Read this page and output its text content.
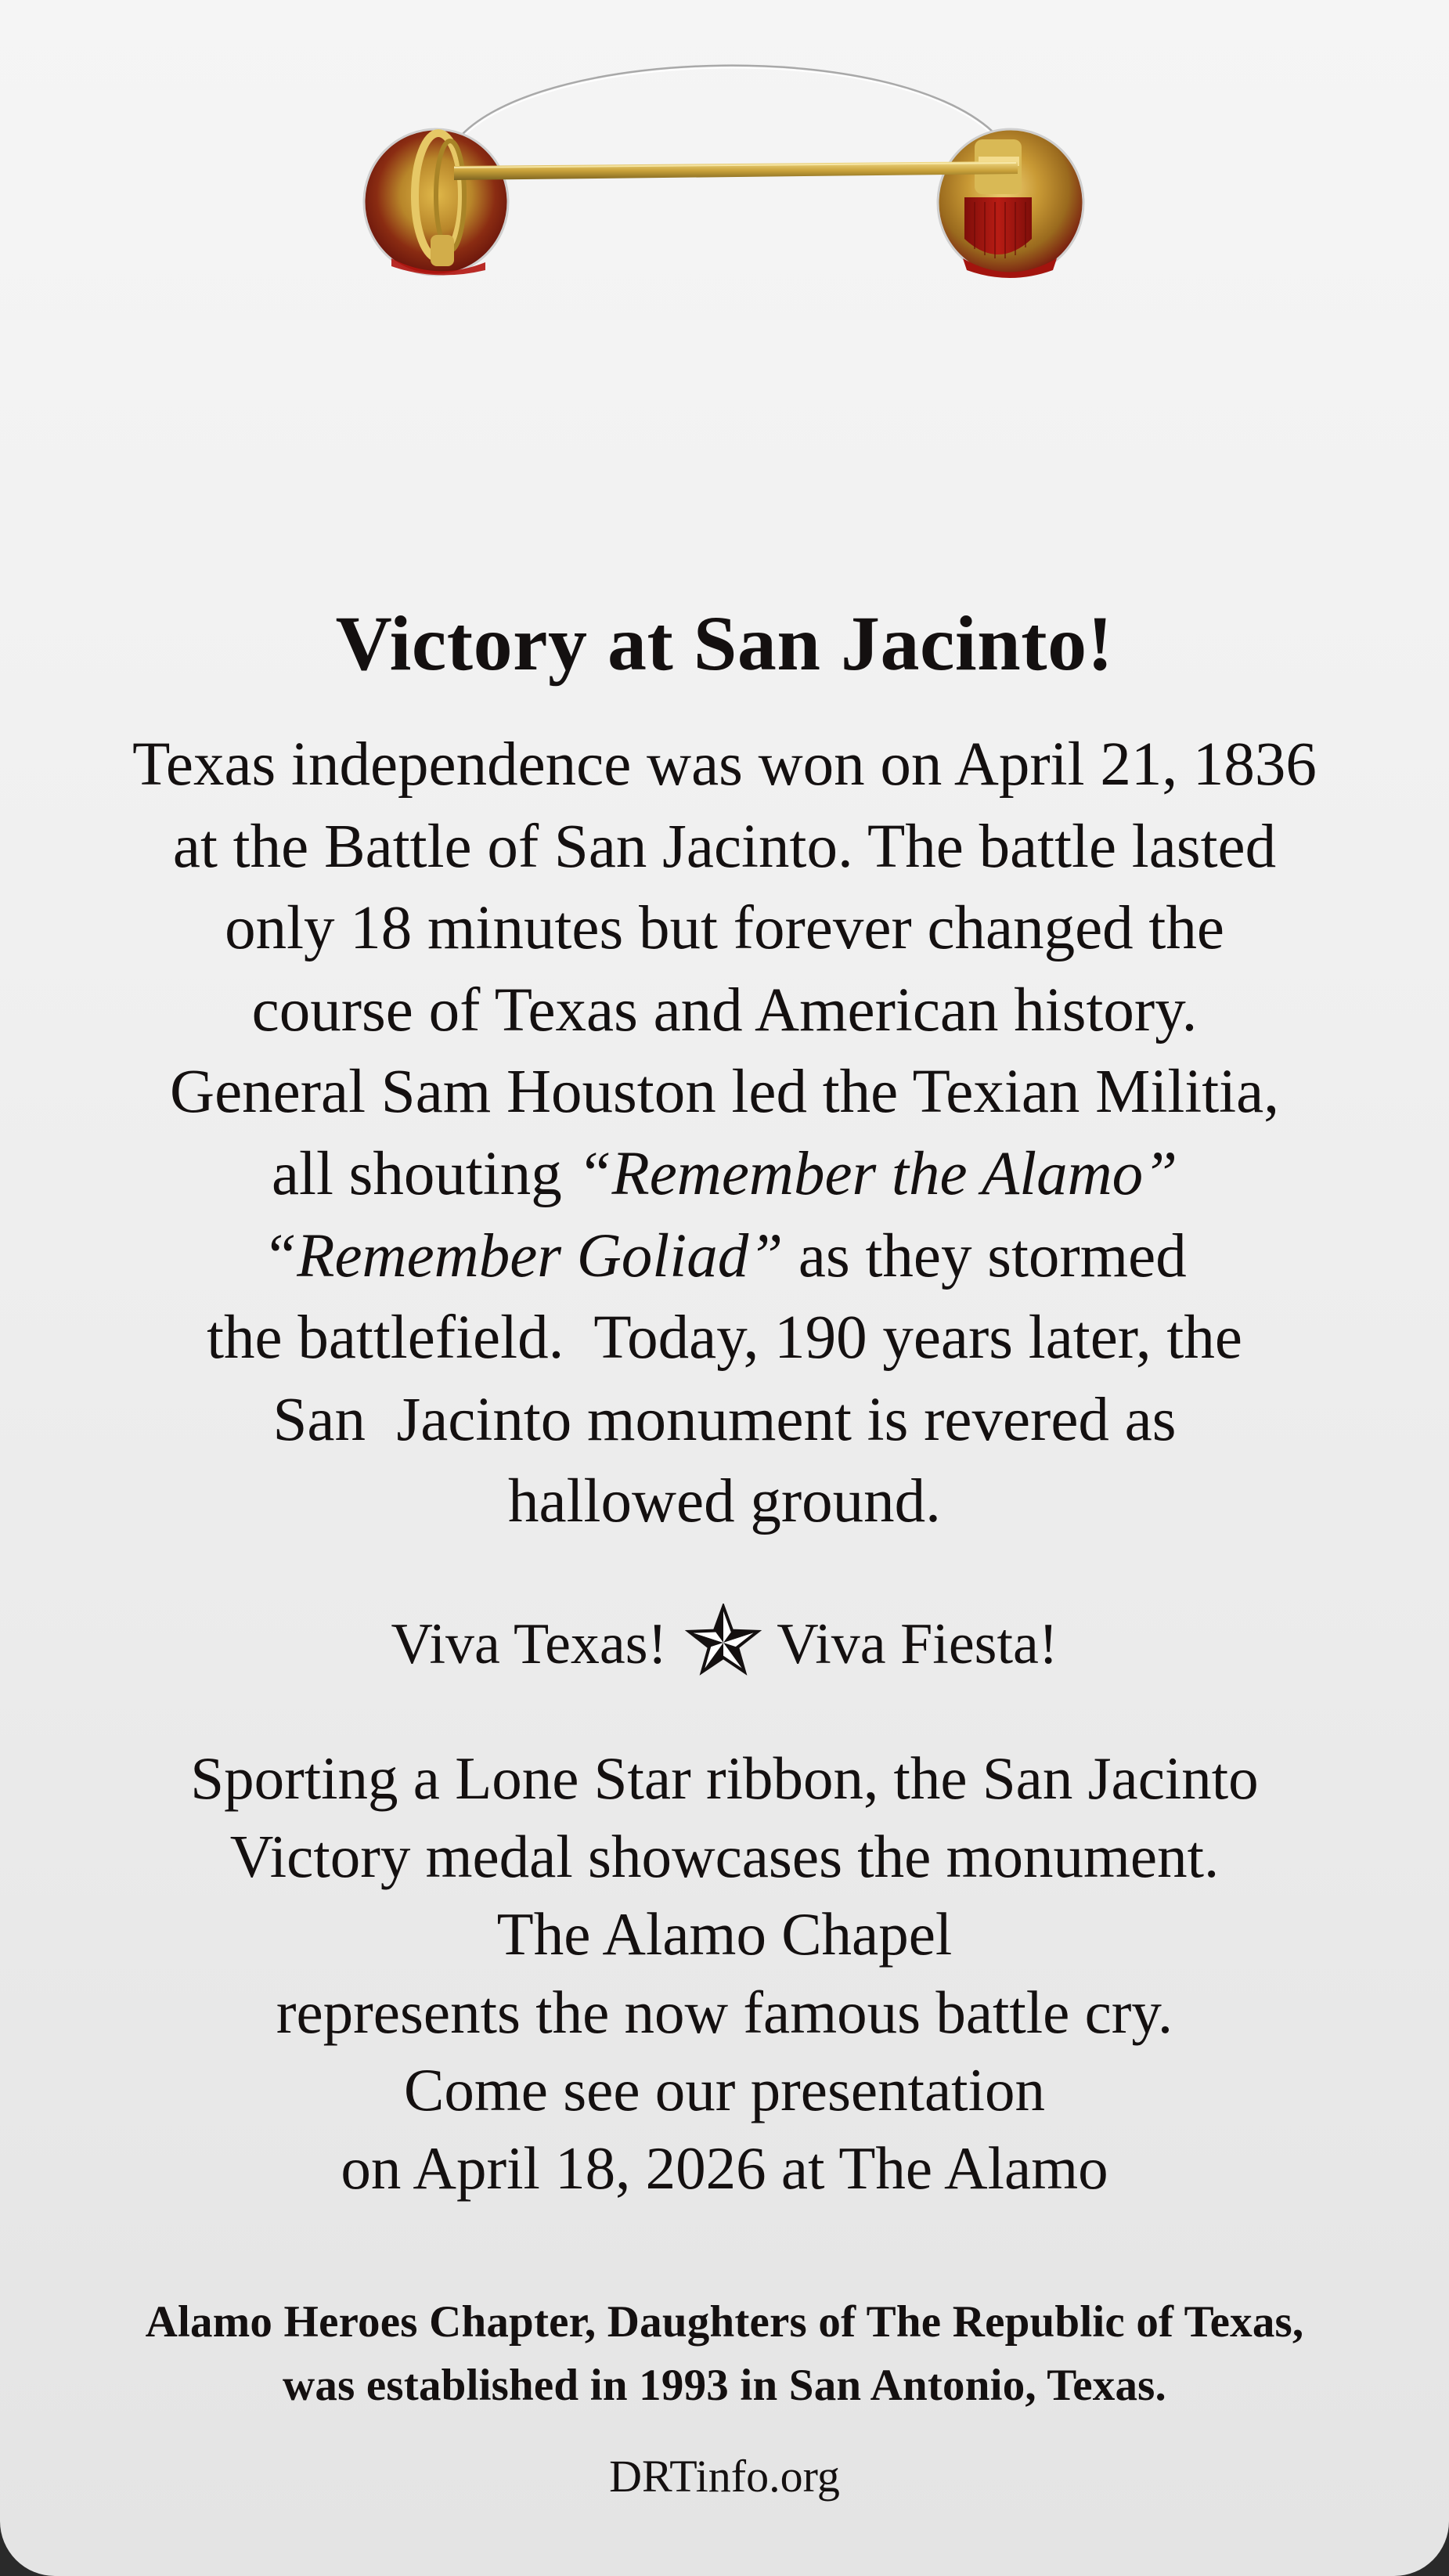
Victory at San Jacinto!
Texas independence was won on April 21, 1836
at the Battle of San Jacinto. The battle lasted
only 18 minutes but forever changed the
course of Texas and American history.
General Sam Houston led the Texian Militia,
all shouting “Remember the Alamo”
“Remember Goliad” as they stormed
the battlefield.  Today, 190 years later, the
San  Jacinto monument is revered as
hallowed ground.
Viva Texas! Viva Fiesta!
Sporting a Lone Star ribbon, the San Jacinto
Victory medal showcases the monument.
The Alamo Chapel
represents the now famous battle cry.
Come see our presentation
on April 18, 2026 at The Alamo
Alamo Heroes Chapter, Daughters of The Republic of Texas,
was established in 1993 in San Antonio, Texas.
DRTinfo.org
